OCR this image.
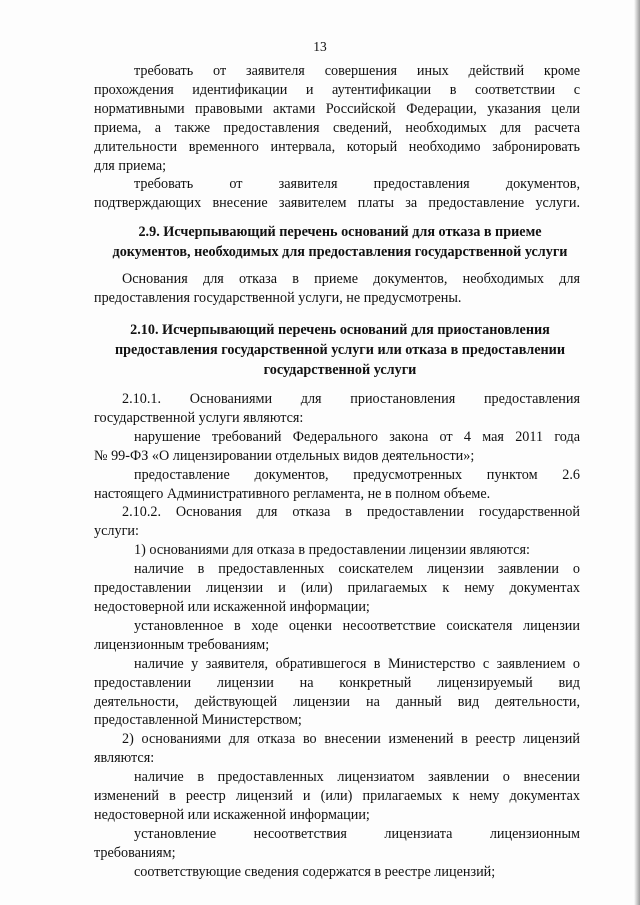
13

требовать от заявителя совершения иных действий кроме

прохождения идентификации и аутентификации в соответствии с

нормативными правовыми актами Российской Федерации, указания цели

приема, а также предоставления сведений, необходимых для расчета

длительности временного интервала, который необходимо забронировать

для приема;

требовать от заявителя предоставления документов,

подтверждающих внесение заявителем платы за предоставление услуги.

2.9. Исчерпывающий перечень оснований для отказа в приеме

документов, необходимых для предоставления государственной услуги

Основания для отказа в приеме документов, необходимых для

предоставления государственной услуги, не предусмотрены.

2.10. Исчерпывающий перечень оснований для приостановления

предоставления государственной услуги или отказа в предоставлении

государственной услуги

2.10.1. Основаниями для приостановления предоставления

государственной услуги являются:

нарушение требований Федерального закона от 4 мая 2011 года

№ 99-ФЗ «О лицензировании отдельных видов деятельности»;

предоставление документов, предусмотренных пунктом 2.6

настоящего Административного регламента, не в полном объеме.

2.10.2. Основания для отказа в предоставлении государственной

услуги:

1) основаниями для отказа в предоставлении лицензии являются:

наличие в предоставленных соискателем лицензии заявлении о

предоставлении лицензии и (или) прилагаемых к нему документах

недостоверной или искаженной информации;

установленное в ходе оценки несоответствие соискателя лицензии

лицензионным требованиям;

наличие у заявителя, обратившегося в Министерство с заявлением о

предоставлении лицензии на конкретный лицензируемый вид

деятельности, действующей лицензии на данный вид деятельности,

предоставленной Министерством;

2) основаниями для отказа во внесении изменений в реестр лицензий

являются:

наличие в предоставленных лицензиатом заявлении о внесении

изменений в реестр лицензий и (или) прилагаемых к нему документах

недостоверной или искаженной информации;

установление несоответствия лицензиата лицензионным

требованиям;

соответствующие сведения содержатся в реестре лицензий;
